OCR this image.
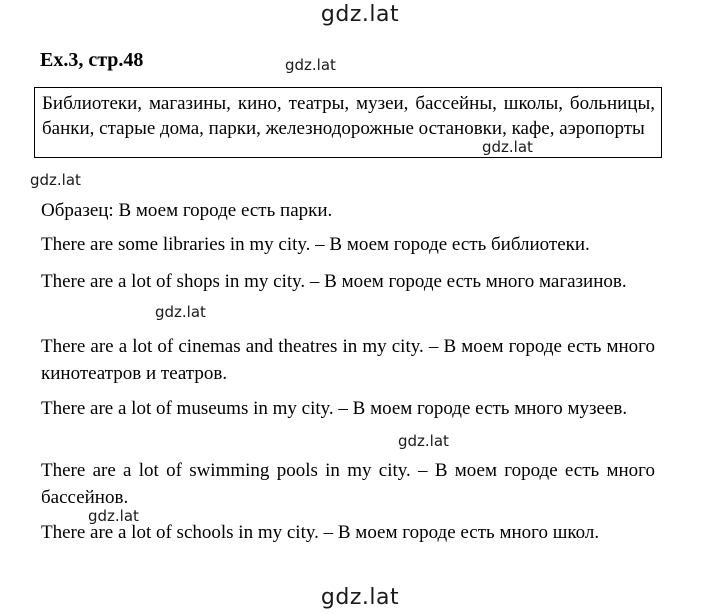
gdz.lat
Ex.3, стр.48	gdz.lat
Библиотеки, магазины, кино, театры, музеи, бассейны, школы, больницы, банки, старые дома, парки, железнодорожные остановки, кафе, аэропорты
gdz.lat
gdz.lat
Образец: В моем городе есть парки.
There are some libraries in my city. – В моем городе есть библиотеки.
There are a lot of shops in my city. – В моем городе есть много магазинов.
gdz.lat
There are a lot of cinemas and theatres in my city. – В моем городе есть много кинотеатров и театров.
There are a lot of museums in my city. – В моем городе есть много музеев.
gdz.lat
There are a lot of swimming pools in my city. – В моем городе есть много бассейнов.
gdz.lat
There are a lot of schools in my city. – В моем городе есть много школ.
gdz.lat
